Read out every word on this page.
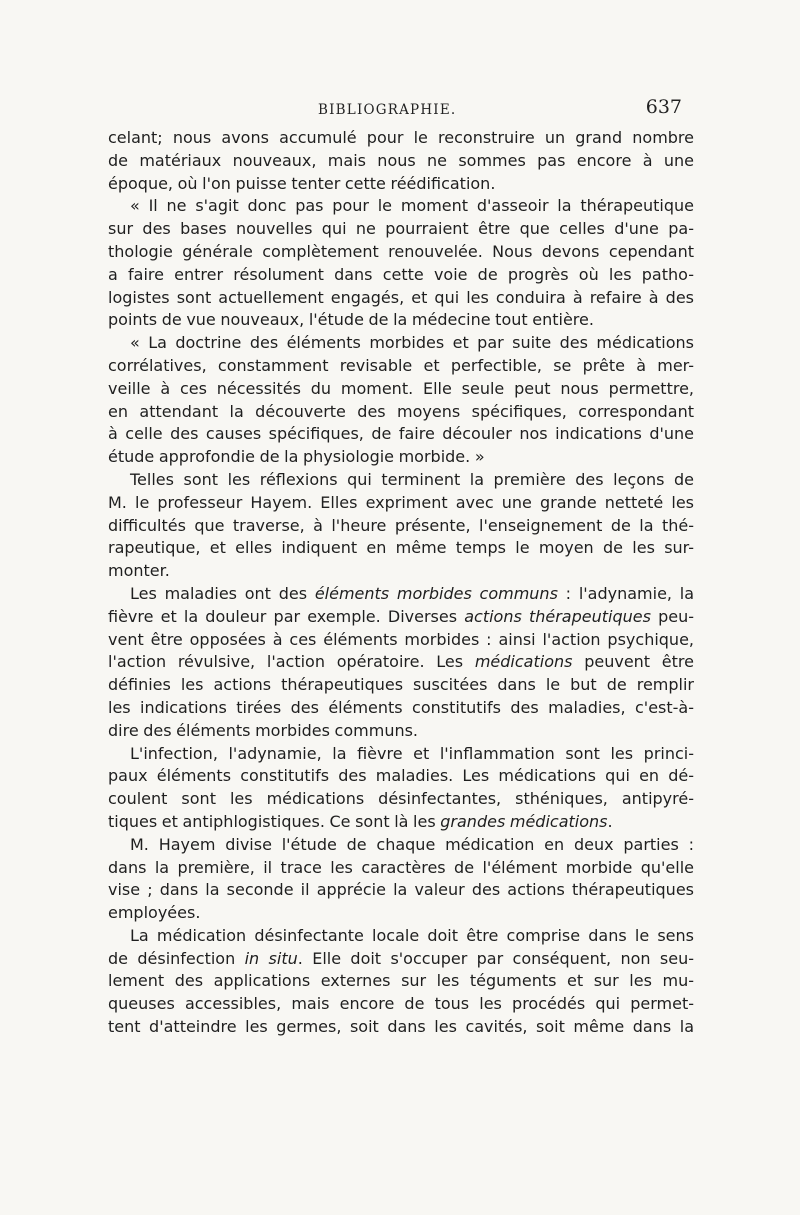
BIBLIOGRAPHIE.	637
celant; nous avons accumulé pour le reconstruire un grand nombre
de matériaux nouveaux, mais nous ne sommes pas encore à une
époque, où l'on puisse tenter cette réédification.
« Il ne s'agit donc pas pour le moment d'asseoir la thérapeutique
sur des bases nouvelles qui ne pourraient être que celles d'une pa-
thologie générale complètement renouvelée. Nous devons cependant
a faire entrer résolument dans cette voie de progrès où les patho-
logistes sont actuellement engagés, et qui les conduira à refaire à des
points de vue nouveaux, l'étude de la médecine tout entière.
« La doctrine des éléments morbides et par suite des médications
corrélatives, constamment revisable et perfectible, se prête à mer-
veille à ces nécessités du moment. Elle seule peut nous permettre,
en attendant la découverte des moyens spécifiques, correspondant
à celle des causes spécifiques, de faire découler nos indications d'une
étude approfondie de la physiologie morbide. »
Telles sont les réflexions qui terminent la première des leçons de
M. le professeur Hayem. Elles expriment avec une grande netteté les
difficultés que traverse, à l'heure présente, l'enseignement de la thé-
rapeutique, et elles indiquent en même temps le moyen de les sur-
monter.
Les maladies ont des éléments morbides communs : l'adynamie, la
fièvre et la douleur par exemple. Diverses actions thérapeutiques peu-
vent être opposées à ces éléments morbides : ainsi l'action psychique,
l'action révulsive, l'action opératoire. Les médications peuvent être
définies les actions thérapeutiques suscitées dans le but de remplir
les indications tirées des éléments constitutifs des maladies, c'est-à-
dire des éléments morbides communs.
L'infection, l'adynamie, la fièvre et l'inflammation sont les princi-
paux éléments constitutifs des maladies. Les médications qui en dé-
coulent sont les médications désinfectantes, sthéniques, antipyré-
tiques et antiphlogistiques. Ce sont là les grandes médications.
M. Hayem divise l'étude de chaque médication en deux parties :
dans la première, il trace les caractères de l'élément morbide qu'elle
vise ; dans la seconde il apprécie la valeur des actions thérapeutiques
employées.
La médication désinfectante locale doit être comprise dans le sens
de désinfection in situ. Elle doit s'occuper par conséquent, non seu-
lement des applications externes sur les téguments et sur les mu-
queuses accessibles, mais encore de tous les procédés qui permet-
tent d'atteindre les germes, soit dans les cavités, soit même dans la
